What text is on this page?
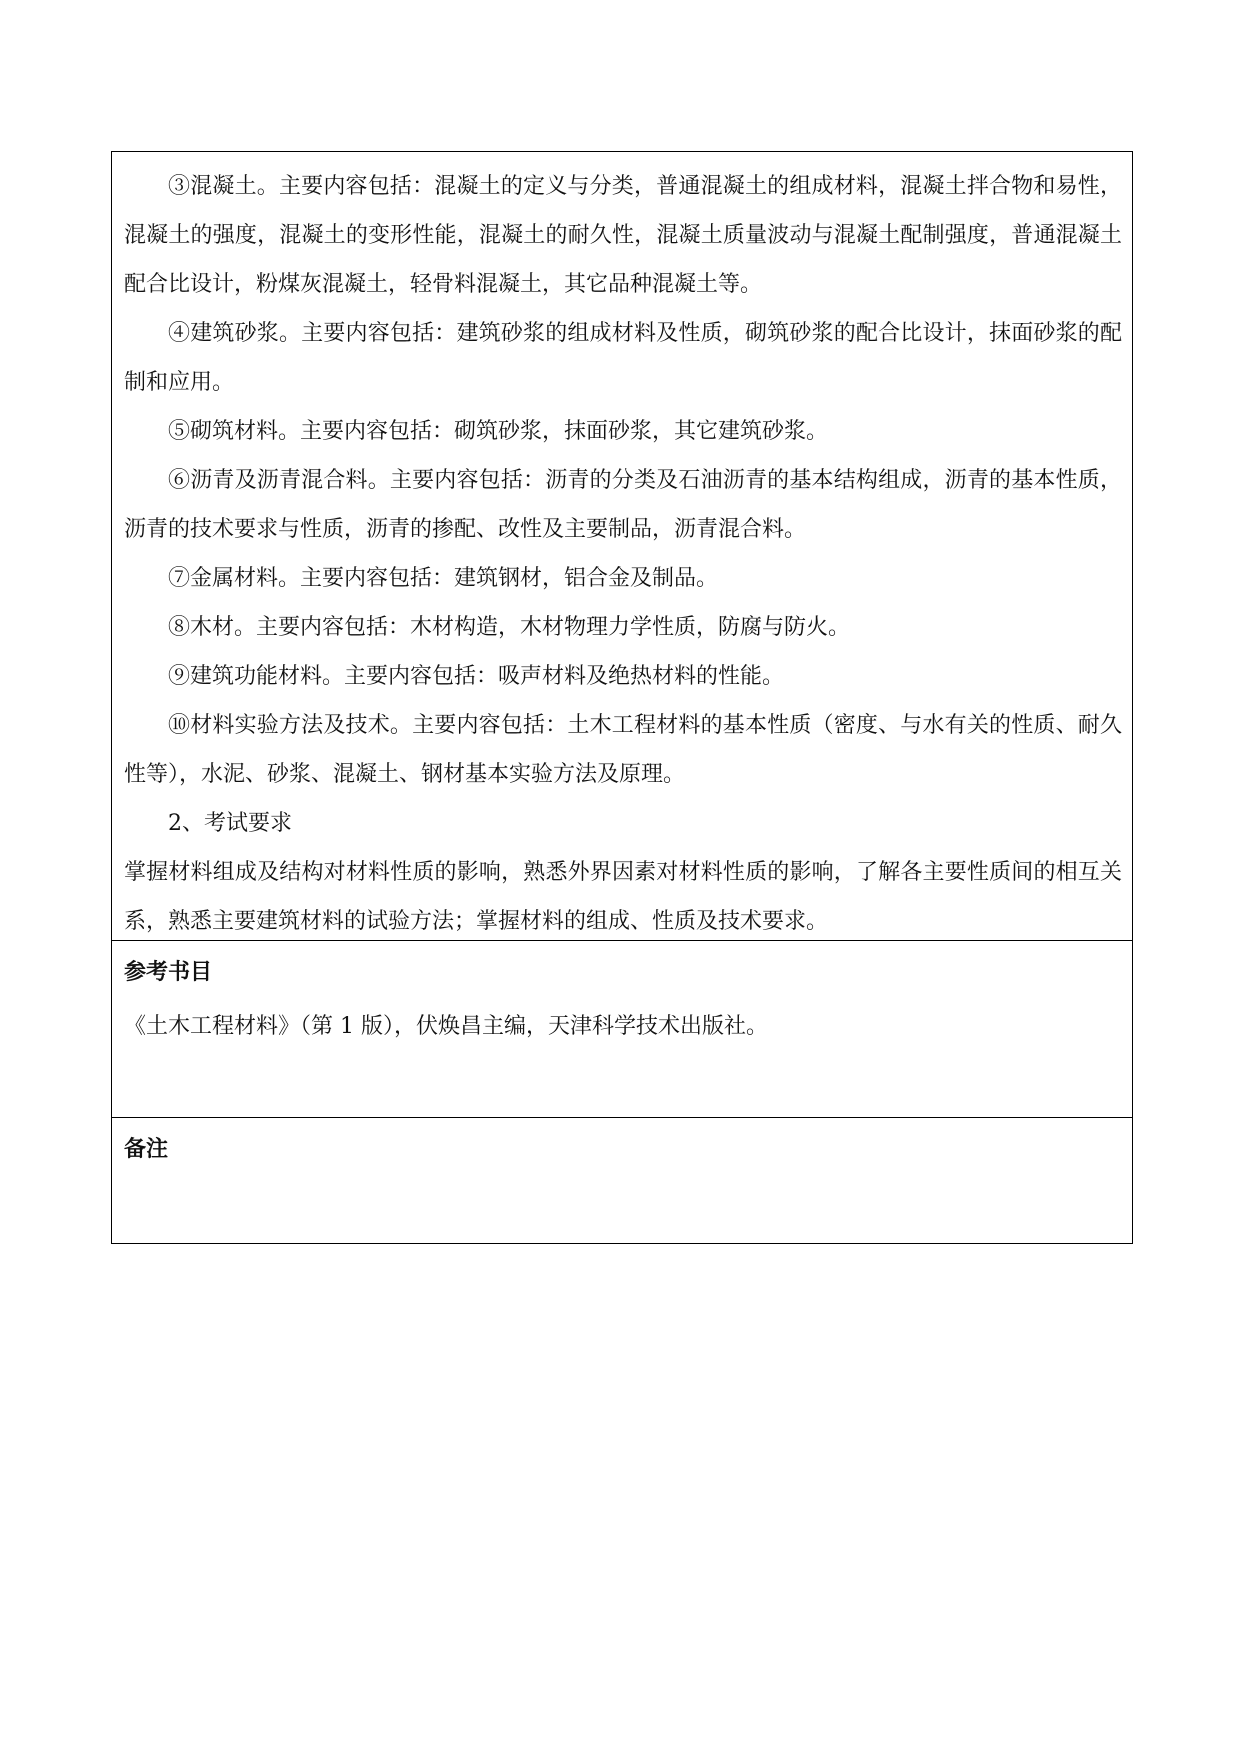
③混凝土。主要内容包括：混凝土的定义与分类，普通混凝土的组成材料，混凝土拌合物和易性，混凝土的强度，混凝土的变形性能，混凝土的耐久性，混凝土质量波动与混凝土配制强度，普通混凝土配合比设计，粉煤灰混凝土，轻骨料混凝土，其它品种混凝土等。

④建筑砂浆。主要内容包括：建筑砂浆的组成材料及性质，砌筑砂浆的配合比设计，抹面砂浆的配制和应用。

⑤砌筑材料。主要内容包括：砌筑砂浆，抹面砂浆，其它建筑砂浆。

⑥沥青及沥青混合料。主要内容包括：沥青的分类及石油沥青的基本结构组成，沥青的基本性质，沥青的技术要求与性质，沥青的掺配、改性及主要制品，沥青混合料。

⑦金属材料。主要内容包括：建筑钢材，铝合金及制品。

⑧木材。主要内容包括：木材构造，木材物理力学性质，防腐与防火。

⑨建筑功能材料。主要内容包括：吸声材料及绝热材料的性能。

⑩材料实验方法及技术。主要内容包括：土木工程材料的基本性质（密度、与水有关的性质、耐久性等），水泥、砂浆、混凝土、钢材基本实验方法及原理。

2、考试要求

掌握材料组成及结构对材料性质的影响，熟悉外界因素对材料性质的影响，了解各主要性质间的相互关系，熟悉主要建筑材料的试验方法；掌握材料的组成、性质及技术要求。

参考书目

《土木工程材料》（第 1 版），伏焕昌主编，天津科学技术出版社。

备注
